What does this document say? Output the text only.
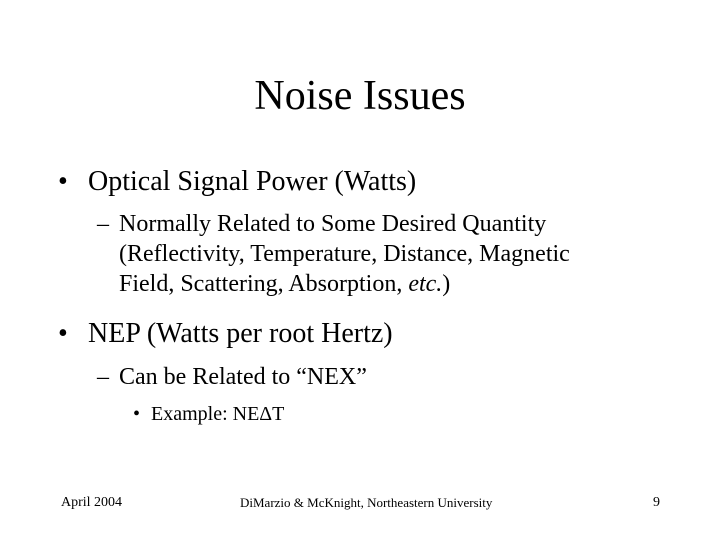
Noise Issues
• Optical Signal Power (Watts)
– Normally Related to Some Desired Quantity
(Reflectivity, Temperature, Distance, Magnetic
Field, Scattering, Absorption, etc.)
• NEP (Watts per root Hertz)
– Can be Related to “NEX”
• Example: NEΔT
April 2004	DiMarzio & McKnight, Northeastern University	9
